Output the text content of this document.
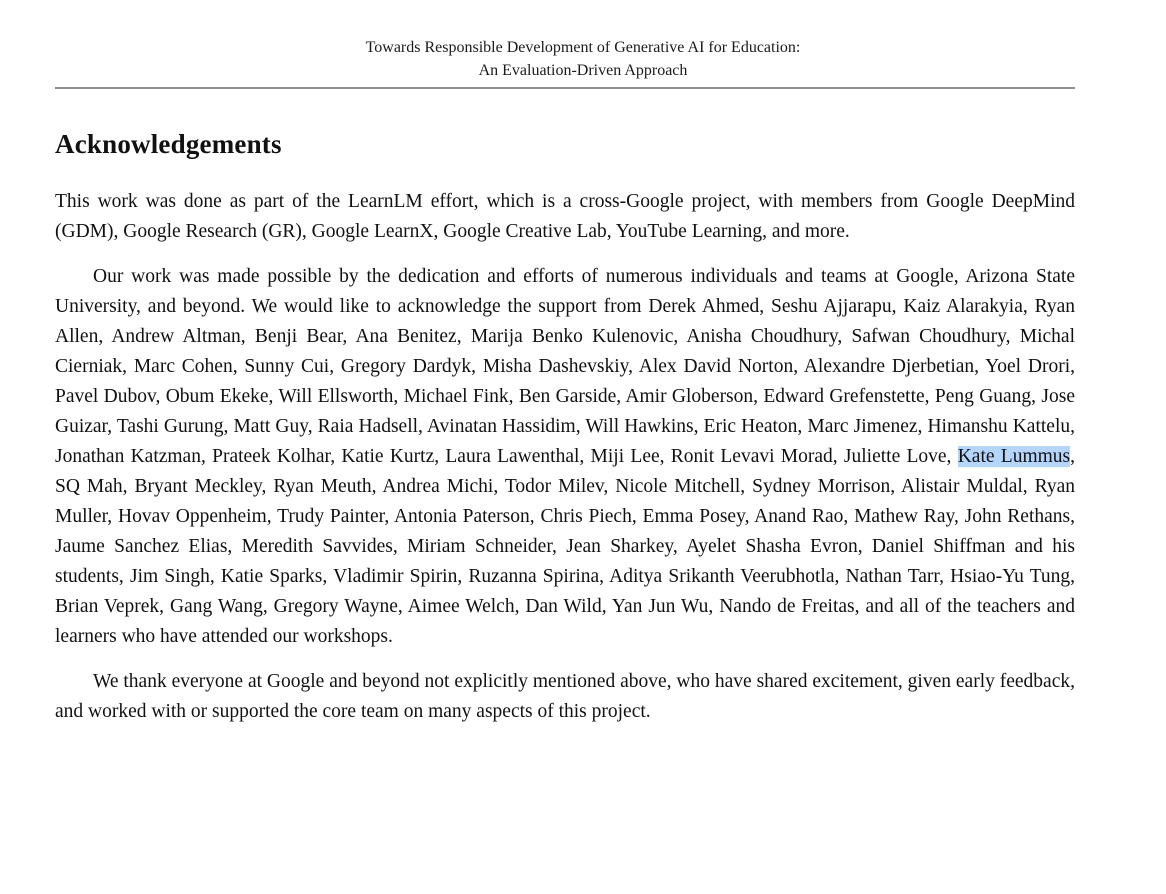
Towards Responsible Development of Generative AI for Education:
An Evaluation-Driven Approach
Acknowledgements

This work was done as part of the LearnLM effort, which is a cross-Google project, with members from Google DeepMind (GDM), Google Research (GR), Google LearnX, Google Creative Lab, YouTube Learning, and more.

Our work was made possible by the dedication and efforts of numerous individuals and teams at Google, Arizona State University, and beyond. We would like to acknowledge the support from Derek Ahmed, Seshu Ajjarapu, Kaiz Alarakyia, Ryan Allen, Andrew Altman, Benji Bear, Ana Benitez, Marija Benko Kulenovic, Anisha Choudhury, Safwan Choudhury, Michal Cierniak, Marc Cohen, Sunny Cui, Gregory Dardyk, Misha Dashevskiy, Alex David Norton, Alexandre Djerbetian, Yoel Drori, Pavel Dubov, Obum Ekeke, Will Ellsworth, Michael Fink, Ben Garside, Amir Globerson, Edward Grefenstette, Peng Guang, Jose Guizar, Tashi Gurung, Matt Guy, Raia Hadsell, Avinatan Hassidim, Will Hawkins, Eric Heaton, Marc Jimenez, Himanshu Kattelu, Jonathan Katzman, Prateek Kolhar, Katie Kurtz, Laura Lawenthal, Miji Lee, Ronit Levavi Morad, Juliette Love, Kate Lummus, SQ Mah, Bryant Meckley, Ryan Meuth, Andrea Michi, Todor Milev, Nicole Mitchell, Sydney Morrison, Alistair Muldal, Ryan Muller, Hovav Oppenheim, Trudy Painter, Antonia Paterson, Chris Piech, Emma Posey, Anand Rao, Mathew Ray, John Rethans, Jaume Sanchez Elias, Meredith Savvides, Miriam Schneider, Jean Sharkey, Ayelet Shasha Evron, Daniel Shiffman and his students, Jim Singh, Katie Sparks, Vladimir Spirin, Ruzanna Spirina, Aditya Srikanth Veerubhotla, Nathan Tarr, Hsiao-Yu Tung, Brian Veprek, Gang Wang, Gregory Wayne, Aimee Welch, Dan Wild, Yan Jun Wu, Nando de Freitas, and all of the teachers and learners who have attended our workshops.

We thank everyone at Google and beyond not explicitly mentioned above, who have shared excitement, given early feedback, and worked with or supported the core team on many aspects of this project.
